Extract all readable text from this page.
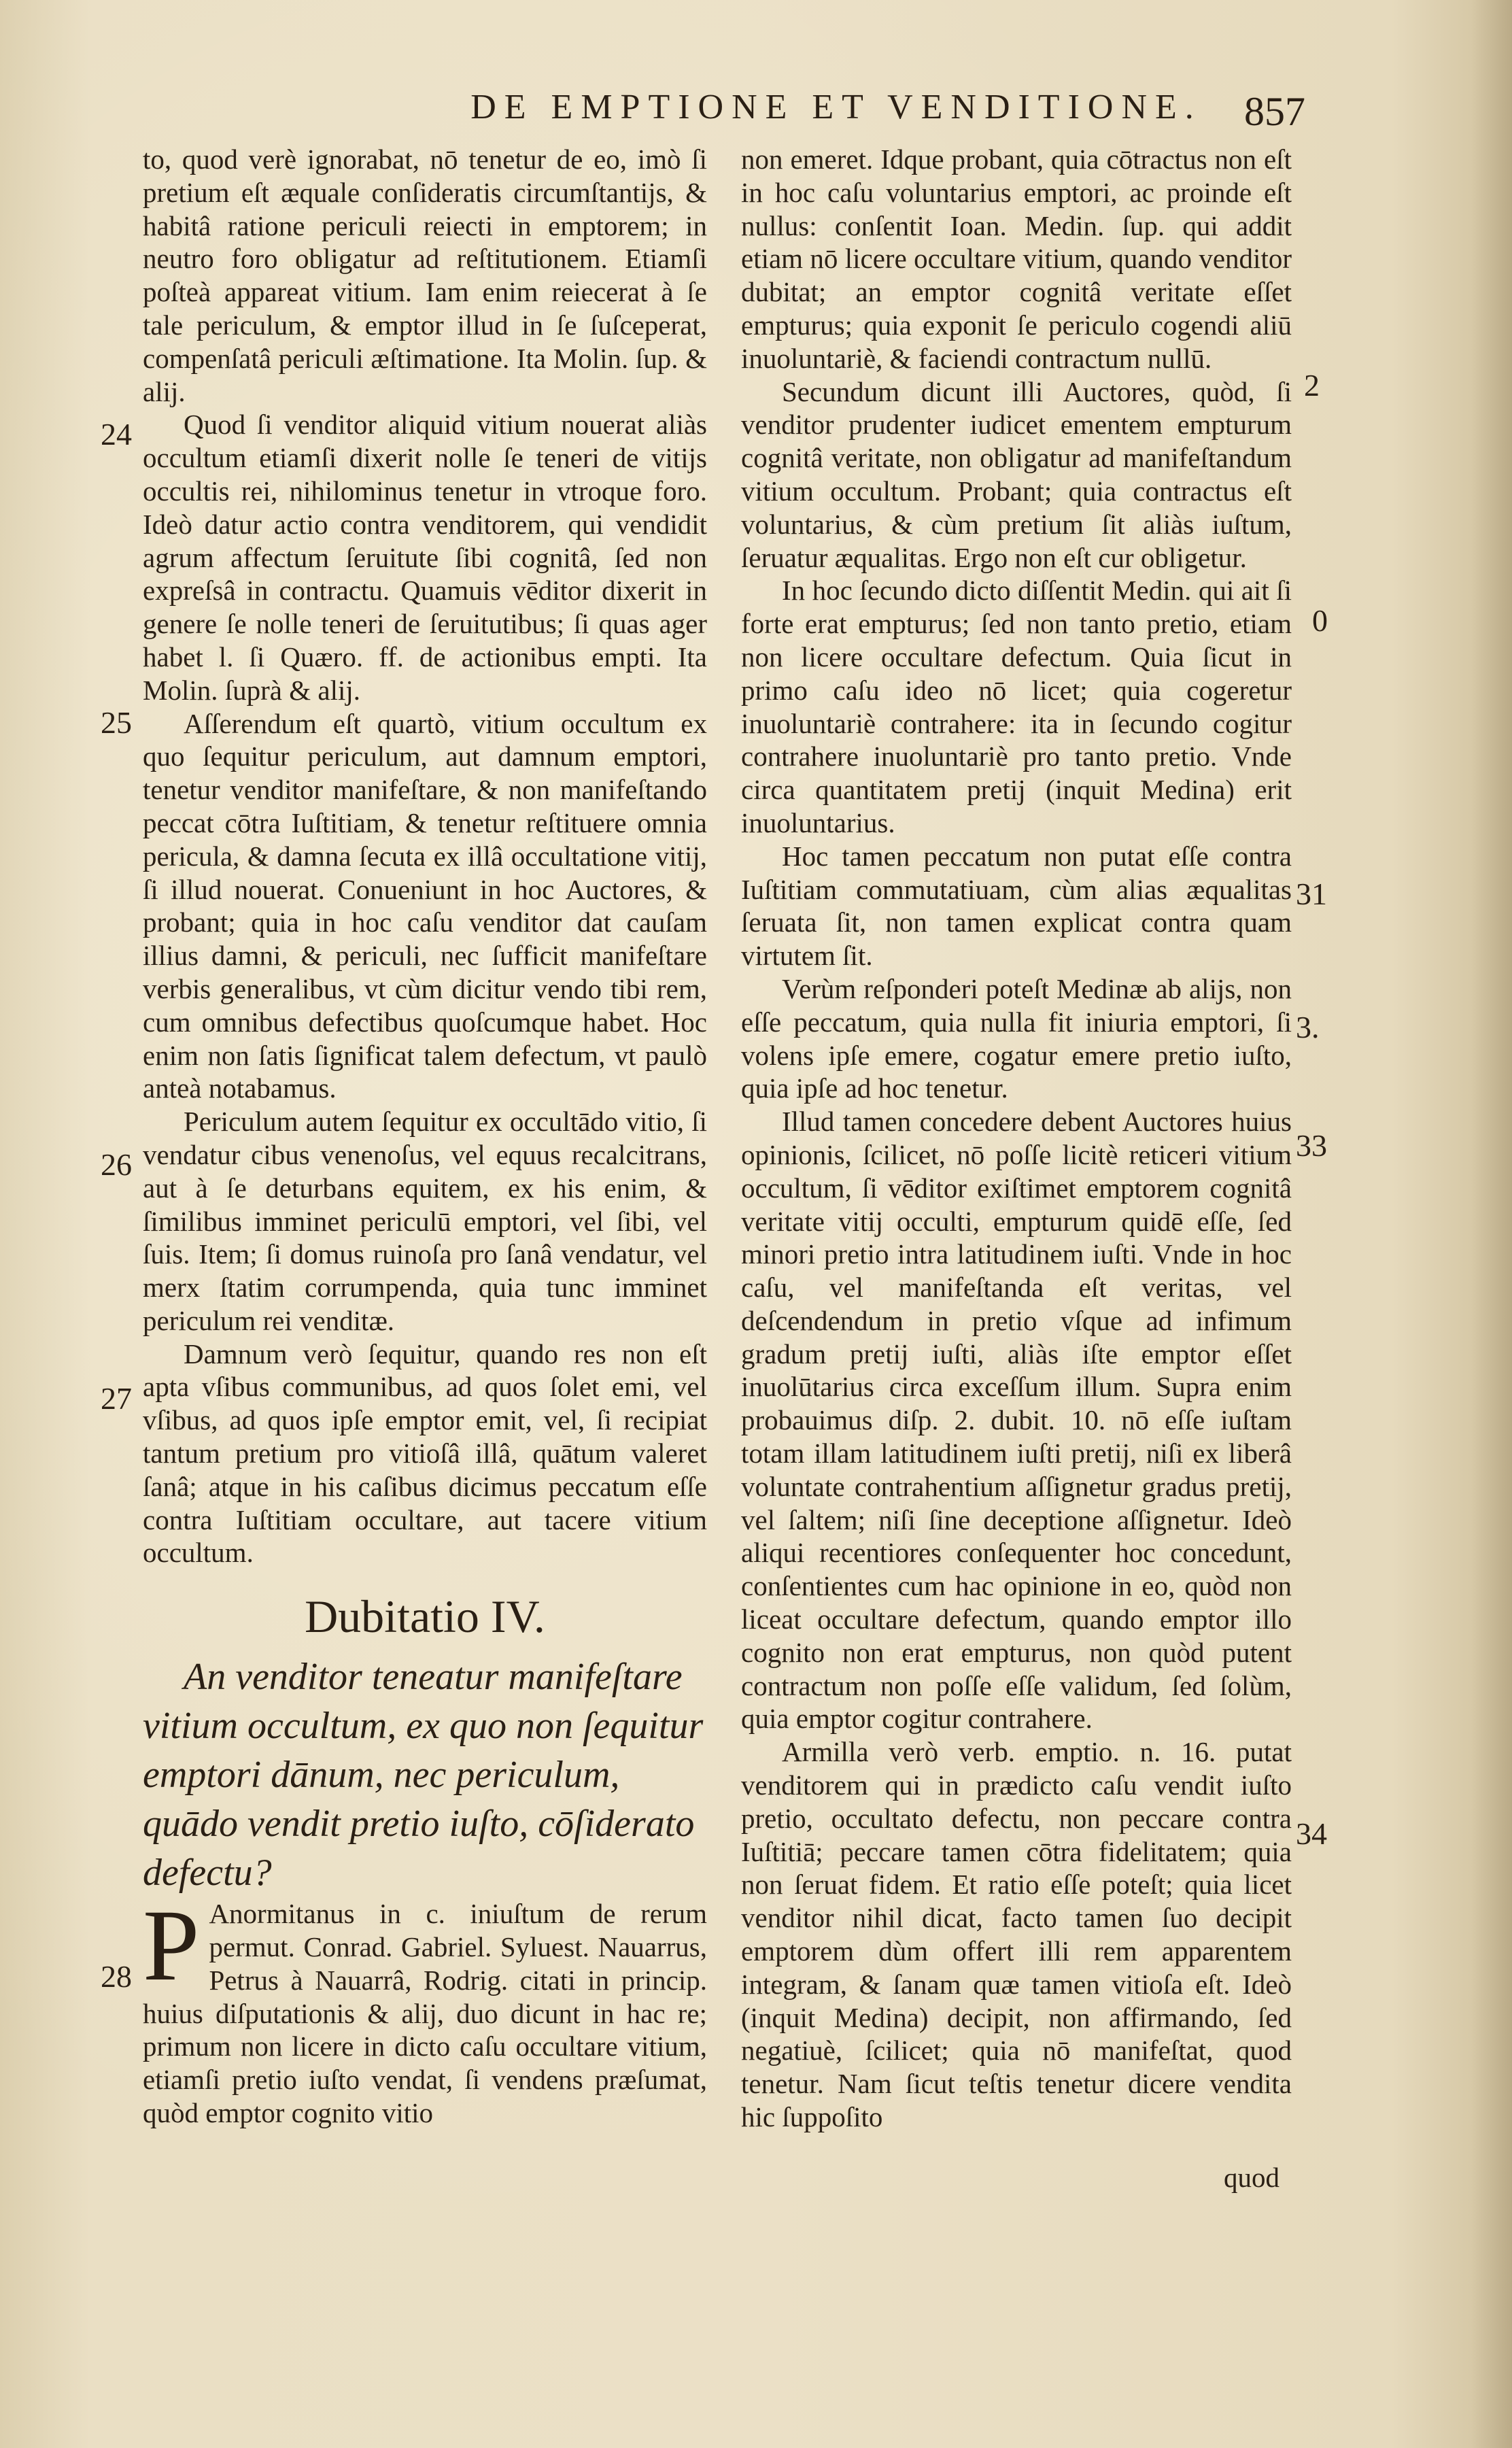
DE EMPTIONE ET VENDITIONE.	857
24
25
26
27
28
2
0
31
3.
33
34

to, quod verè ignorabat, nō tenetur de eo, imò ſi pretium eſt æquale conſideratis circumſtantijs, & habitâ ratione periculi reiecti in emptorem; in neutro foro obligatur ad reſtitutionem. Etiamſi poſteà appareat vitium. Iam enim reiecerat à ſe tale periculum, & emptor illud in ſe ſuſceperat, compenſatâ periculi æſtimatione. Ita Molin. ſup. & alij.

Quod ſi venditor aliquid vitium nouerat aliàs occultum etiamſi dixerit nolle ſe teneri de vitijs occultis rei, nihilominus tenetur in vtroque foro. Ideò datur actio contra venditorem, qui vendidit agrum affectum ſeruitute ſibi cognitâ, ſed non expreſsâ in contractu. Quamuis vēditor dixerit in genere ſe nolle teneri de ſeruitutibus; ſi quas ager habet l. ſi Quæro. ff. de actionibus empti. Ita Molin. ſuprà & alij.

Aſſerendum eſt quartò, vitium occultum ex quo ſequitur periculum, aut damnum emptori, tenetur venditor manifeſtare, & non manifeſtando peccat cōtra Iuſtitiam, & tenetur reſtituere omnia pericula, & damna ſecuta ex illâ occultatione vitij, ſi illud nouerat. Conueniunt in hoc Auctores, & probant; quia in hoc caſu venditor dat cauſam illius damni, & periculi, nec ſufficit manifeſtare verbis generalibus, vt cùm dicitur vendo tibi rem, cum omnibus defectibus quoſcumque habet. Hoc enim non ſatis ſignificat talem defectum, vt paulò anteà notabamus.

Periculum autem ſequitur ex occultādo vitio, ſi vendatur cibus venenoſus, vel equus recalcitrans, aut à ſe deturbans equitem, ex his enim, & ſimilibus imminet periculū emptori, vel ſibi, vel ſuis. Item; ſi domus ruinoſa pro ſanâ vendatur, vel merx ſtatim corrumpenda, quia tunc imminet periculum rei venditæ.

Damnum verò ſequitur, quando res non eſt apta vſibus communibus, ad quos ſolet emi, vel vſibus, ad quos ipſe emptor emit, vel, ſi recipiat tantum pretium pro vitioſâ illâ, quātum valeret ſanâ; atque in his caſibus dicimus peccatum eſſe contra Iuſtitiam occultare, aut tacere vitium occultum.

Dubitatio IV.

An venditor teneatur manifeſtare vitium occultum, ex quo non ſequitur emptori dānum, nec periculum, quādo vendit pretio iuſto, cōſiderato defectu?

P Anormitanus in c. iniuſtum de rerum permut. Conrad. Gabriel. Syluest. Nauarrus, Petrus à Nauarrâ, Rodrig. citati in princip. huius diſputationis & alij, duo dicunt in hac re; primum non licere in dicto caſu occultare vitium, etiamſi pretio iuſto vendat, ſi vendens præſumat, quòd emptor cognito vitio

non emeret. Idque probant, quia cōtractus non eſt in hoc caſu voluntarius emptori, ac proinde eſt nullus: conſentit Ioan. Medin. ſup. qui addit etiam nō licere occultare vitium, quando venditor dubitat; an emptor cognitâ veritate eſſet empturus; quia exponit ſe periculo cogendi aliū inuoluntariè, & faciendi contractum nullū.

Secundum dicunt illi Auctores, quòd, ſi venditor prudenter iudicet ementem empturum cognitâ veritate, non obligatur ad manifeſtandum vitium occultum. Probant; quia contractus eſt voluntarius, & cùm pretium ſit aliàs iuſtum, ſeruatur æqualitas. Ergo non eſt cur obligetur.

In hoc ſecundo dicto diſſentit Medin. qui ait ſi forte erat empturus; ſed non tanto pretio, etiam non licere occultare defectum. Quia ſicut in primo caſu ideo nō licet; quia cogeretur inuoluntariè contrahere: ita in ſecundo cogitur contrahere inuoluntariè pro tanto pretio. Vnde circa quantitatem pretij (inquit Medina) erit inuoluntarius.

Hoc tamen peccatum non putat eſſe contra Iuſtitiam commutatiuam, cùm alias æqualitas ſeruata ſit, non tamen explicat contra quam virtutem ſit.

Verùm reſponderi poteſt Medinæ ab alijs, non eſſe peccatum, quia nulla fit iniuria emptori, ſi volens ipſe emere, cogatur emere pretio iuſto, quia ipſe ad hoc tenetur.

Illud tamen concedere debent Auctores huius opinionis, ſcilicet, nō poſſe licitè reticeri vitium occultum, ſi vēditor exiſtimet emptorem cognitâ veritate vitij occulti, empturum quidē eſſe, ſed minori pretio intra latitudinem iuſti. Vnde in hoc caſu, vel manifeſtanda eſt veritas, vel deſcendendum in pretio vſque ad infimum gradum pretij iuſti, aliàs iſte emptor eſſet inuolūtarius circa exceſſum illum. Supra enim probauimus diſp. 2. dubit. 10. nō eſſe iuſtam totam illam latitudinem iuſti pretij, niſi ex liberâ voluntate contrahentium aſſignetur gradus pretij, vel ſaltem; niſi ſine deceptione aſſignetur. Ideò aliqui recentiores conſequenter hoc concedunt, conſentientes cum hac opinione in eo, quòd non liceat occultare defectum, quando emptor illo cognito non erat empturus, non quòd putent contractum non poſſe eſſe validum, ſed ſolùm, quia emptor cogitur contrahere.

Armilla verò verb. emptio. n. 16. putat venditorem qui in prædicto caſu vendit iuſto pretio, occultato defectu, non peccare contra Iuſtitiā; peccare tamen cōtra fidelitatem; quia non ſeruat fidem. Et ratio eſſe poteſt; quia licet venditor nihil dicat, facto tamen ſuo decipit emptorem dùm offert illi rem apparentem integram, & ſanam quæ tamen vitioſa eſt. Ideò (inquit Medina) decipit, non affirmando, ſed negatiuè, ſcilicet; quia nō manifeſtat, quod tenetur. Nam ſicut teſtis tenetur dicere vendita hic ſuppoſito

quod
